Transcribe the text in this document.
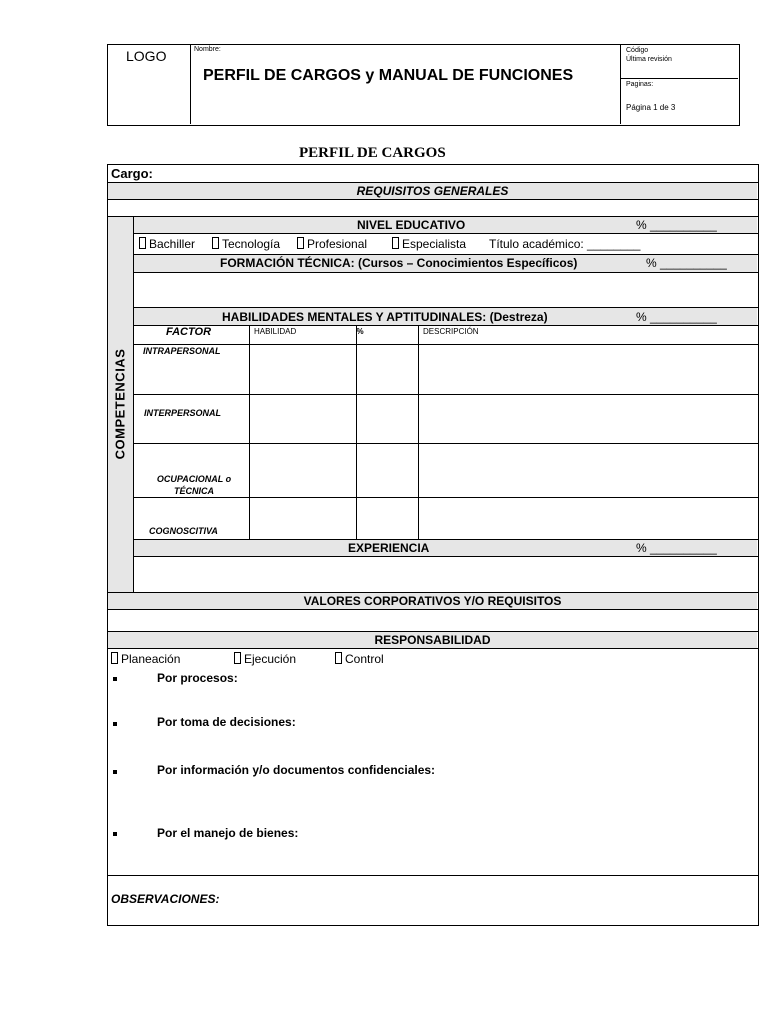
LOGO	Nombre:
PERFIL DE CARGOS y MANUAL DE FUNCIONES
Código
Última revisión
Paginas:
Página 1 de 3
PERFIL DE CARGOS
Cargo:
REQUISITOS GENERALES
COMPETENCIAS
NIVEL EDUCATIVO	% __________
Bachiller	Tecnología	Profesional	Especialista Título académico: ________
FORMACIÓN TÉCNICA: (Cursos – Conocimientos Específicos)	% __________
HABILIDADES MENTALES Y APTITUDINALES: (Destreza)	% __________
FACTOR	HABILIDAD	%	DESCRIPCIÓN
INTRAPERSONAL
INTERPERSONAL
OCUPACIONAL o TÉCNICA
COGNOSCITIVA
EXPERIENCIA	% __________
VALORES CORPORATIVOS Y/O REQUISITOS
RESPONSABILIDAD
Planeación	Ejecución	Control
Por procesos:
Por toma de decisiones:
Por información y/o documentos confidenciales:
Por el manejo de bienes:
OBSERVACIONES:
